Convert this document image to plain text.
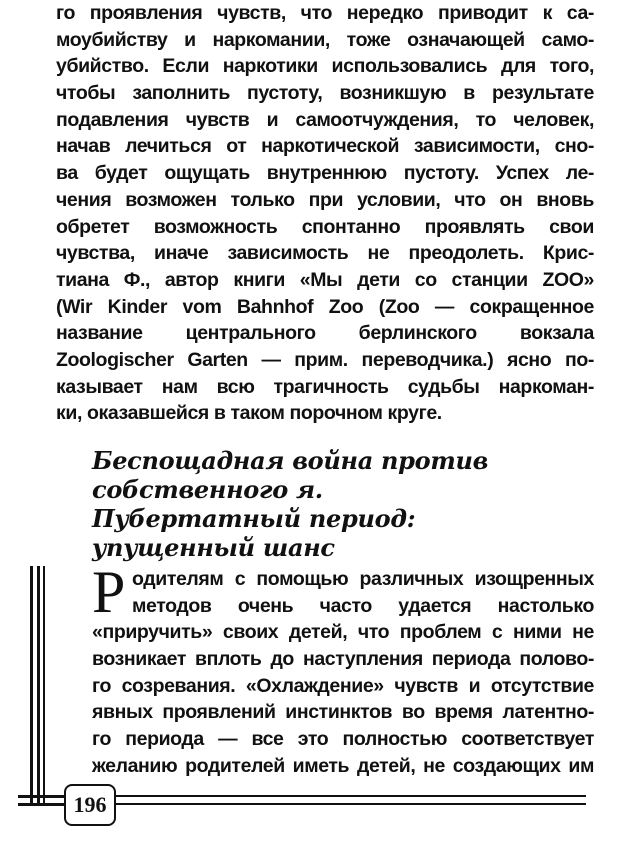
го проявления чувств, что нередко приводит к са-
моубийству и наркомании, тоже означающей само-
убийство. Если наркотики использовались для того,
чтобы заполнить пустоту, возникшую в результате
подавления чувств и самоотчуждения, то человек,
начав лечиться от наркотической зависимости, сно-
ва будет ощущать внутреннюю пустоту. Успех ле-
чения возможен только при условии, что он вновь
обретет возможность спонтанно проявлять свои
чувства, иначе зависимость не преодолеть. Крис-
тиана Ф., автор книги «Мы дети со станции ZOO»
(Wir Kinder vom Bahnhof Zoo (Zoo — сокращенное
название центрального берлинского вокзала
Zoologischer Garten — прим. переводчика.) ясно по-
казывает нам всю трагичность судьбы наркоман-
ки, оказавшейся в таком порочном круге.
Беспощадная война против
собственного я.
Пубертатный период:
упущенный шанс
Р одителям с помощью различных изощренных
методов очень часто удается настолько
«приручить» своих детей, что проблем с ними не
возникает вплоть до наступления периода полово-
го созревания. «Охлаждение» чувств и отсутствие
явных проявлений инстинктов во время латентно-
го периода — все это полностью соответствует
желанию родителей иметь детей, не создающих им
196
